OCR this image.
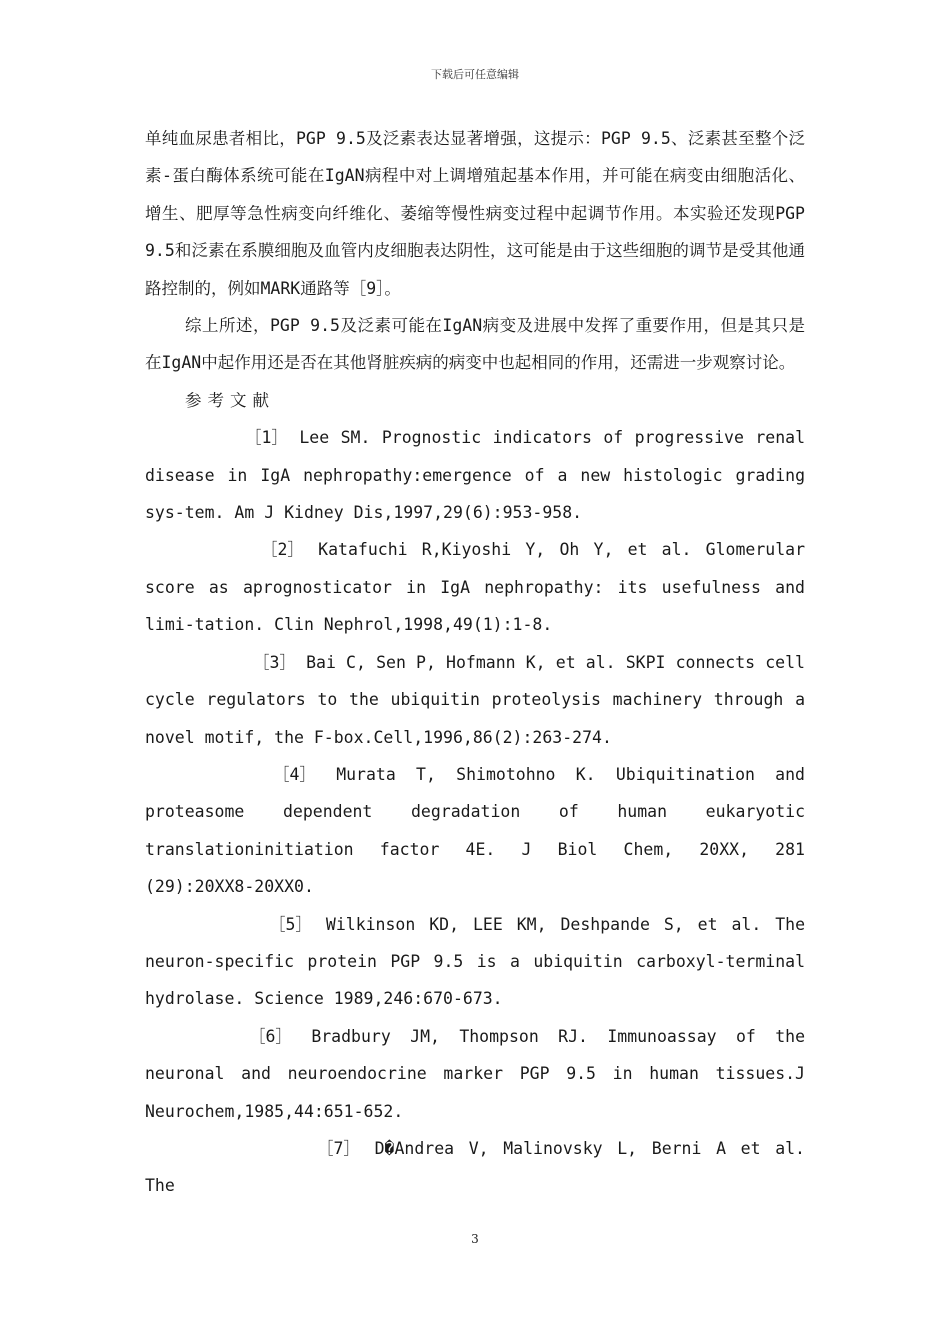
下载后可任意编辑

单纯血尿患者相比，PGP 9.5及泛素表达显著增强，这提示：PGP 9.5、泛素甚至整个泛素-蛋白酶体系统可能在IgAN病程中对上调增殖起基本作用，并可能在病变由细胞活化、增生、肥厚等急性病变向纤维化、萎缩等慢性病变过程中起调节作用。本实验还发现PGP 9.5和泛素在系膜细胞及血管内皮细胞表达阴性，这可能是由于这些细胞的调节是受其他通路控制的，例如MARK通路等［9］。

综上所述，PGP 9.5及泛素可能在IgAN病变及进展中发挥了重要作用，但是其只是在IgAN中起作用还是否在其他肾脏疾病的病变中也起相同的作用，还需进一步观察讨论。

参考文献

［1］ Lee SM. Prognostic indicators of progressive renal disease in IgA nephropathy:emergence of a new histologic grading sys-tem. Am J Kidney Dis,1997,29(6):953-958.

［2］ Katafuchi R,Kiyoshi Y, Oh Y, et al. Glomerular score as aprognosticator in IgA nephropathy: its usefulness and limi-tation. Clin Nephrol,1998,49(1):1-8.

［3］ Bai C, Sen P, Hofmann K, et al. SKPI connects cell cycle regulators to the ubiquitin proteolysis machinery through a novel motif, the F-box.Cell,1996,86(2):263-274.

［4］ Murata T, Shimotohno K. Ubiquitination and proteasome dependent degradation of human eukaryotic translationinitiation factor 4E. J Biol Chem, 20XX, 281 (29):20XX8-20XX0.

［5］ Wilkinson KD, LEE KM, Deshpande S, et al. The neuron-specific protein PGP 9.5 is a ubiquitin carboxyl-terminal hydrolase. Science 1989,246:670-673.

［6］ Bradbury JM, Thompson RJ. Immunoassay of the neuronal and neuroendocrine marker PGP 9.5 in human tissues.J Neurochem,1985,44:651-652.

［7］ D�Andrea V, Malinovsky L, Berni A et al. The

3
